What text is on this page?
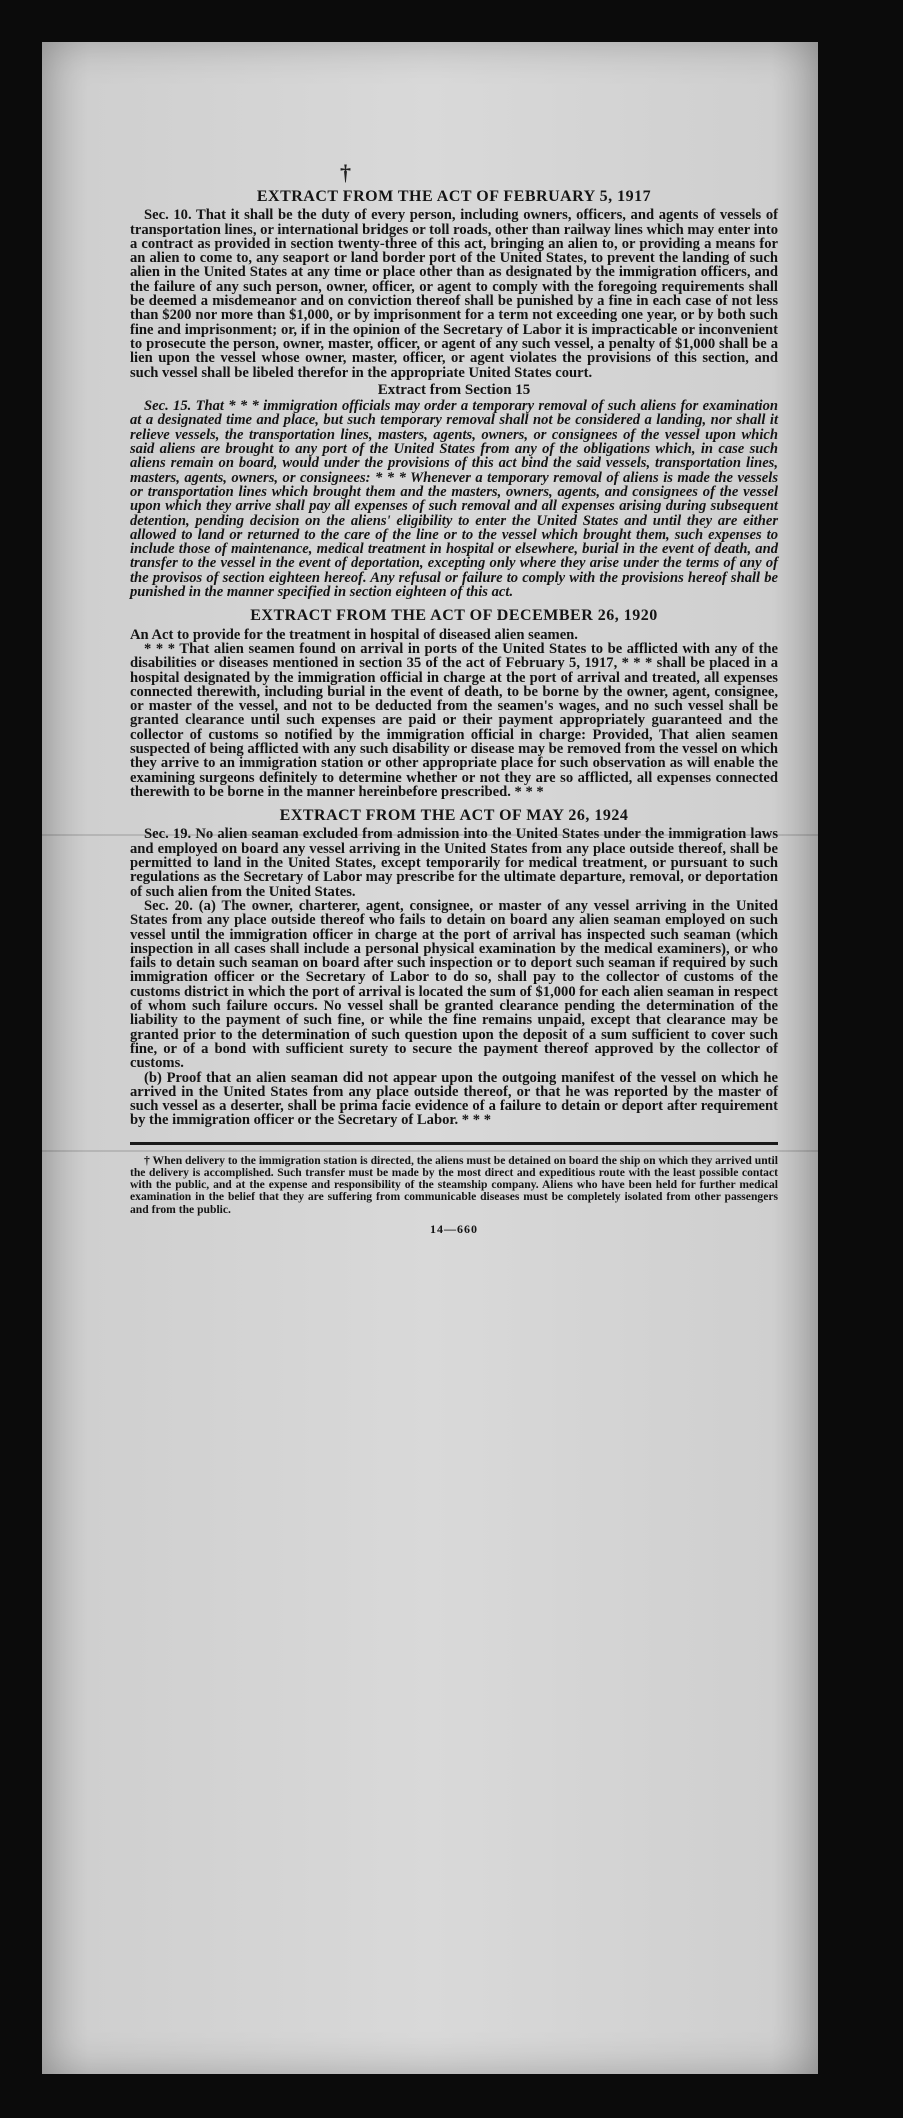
†
EXTRACT FROM THE ACT OF FEBRUARY 5, 1917

Sec. 10. That it shall be the duty of every person, including owners, officers, and agents of vessels of transportation lines, or international bridges or toll roads, other than railway lines which may enter into a contract as provided in section twenty-three of this act, bringing an alien to, or providing a means for an alien to come to, any seaport or land border port of the United States, to prevent the landing of such alien in the United States at any time or place other than as designated by the immigration officers, and the failure of any such person, owner, officer, or agent to comply with the foregoing requirements shall be deemed a misdemeanor and on conviction thereof shall be punished by a fine in each case of not less than $200 nor more than $1,000, or by imprisonment for a term not exceeding one year, or by both such fine and imprisonment; or, if in the opinion of the Secretary of Labor it is impracticable or inconvenient to prosecute the person, owner, master, officer, or agent of any such vessel, a penalty of $1,000 shall be a lien upon the vessel whose owner, master, officer, or agent violates the provisions of this section, and such vessel shall be libeled therefor in the appropriate United States court.

Extract from Section 15

Sec. 15. That * * * immigration officials may order a temporary removal of such aliens for examination at a designated time and place, but such temporary removal shall not be considered a landing, nor shall it relieve vessels, the transportation lines, masters, agents, owners, or consignees of the vessel upon which said aliens are brought to any port of the United States from any of the obligations which, in case such aliens remain on board, would under the provisions of this act bind the said vessels, transportation lines, masters, agents, owners, or consignees: * * * Whenever a temporary removal of aliens is made the vessels or transportation lines which brought them and the masters, owners, agents, and consignees of the vessel upon which they arrive shall pay all expenses of such removal and all expenses arising during subsequent detention, pending decision on the aliens' eligibility to enter the United States and until they are either allowed to land or returned to the care of the line or to the vessel which brought them, such expenses to include those of maintenance, medical treatment in hospital or elsewhere, burial in the event of death, and transfer to the vessel in the event of deportation, excepting only where they arise under the terms of any of the provisos of section eighteen hereof. Any refusal or failure to comply with the provisions hereof shall be punished in the manner specified in section eighteen of this act.

EXTRACT FROM THE ACT OF DECEMBER 26, 1920

An Act to provide for the treatment in hospital of diseased alien seamen.

* * * That alien seamen found on arrival in ports of the United States to be afflicted with any of the disabilities or diseases mentioned in section 35 of the act of February 5, 1917, * * * shall be placed in a hospital designated by the immigration official in charge at the port of arrival and treated, all expenses connected therewith, including burial in the event of death, to be borne by the owner, agent, consignee, or master of the vessel, and not to be deducted from the seamen's wages, and no such vessel shall be granted clearance until such expenses are paid or their payment appropriately guaranteed and the collector of customs so notified by the immigration official in charge: Provided, That alien seamen suspected of being afflicted with any such disability or disease may be removed from the vessel on which they arrive to an immigration station or other appropriate place for such observation as will enable the examining surgeons definitely to determine whether or not they are so afflicted, all expenses connected therewith to be borne in the manner hereinbefore prescribed. * * *

EXTRACT FROM THE ACT OF MAY 26, 1924

Sec. 19. No alien seaman excluded from admission into the United States under the immigration laws and employed on board any vessel arriving in the United States from any place outside thereof, shall be permitted to land in the United States, except temporarily for medical treatment, or pursuant to such regulations as the Secretary of Labor may prescribe for the ultimate departure, removal, or deportation of such alien from the United States.

Sec. 20. (a) The owner, charterer, agent, consignee, or master of any vessel arriving in the United States from any place outside thereof who fails to detain on board any alien seaman employed on such vessel until the immigration officer in charge at the port of arrival has inspected such seaman (which inspection in all cases shall include a personal physical examination by the medical examiners), or who fails to detain such seaman on board after such inspection or to deport such seaman if required by such immigration officer or the Secretary of Labor to do so, shall pay to the collector of customs of the customs district in which the port of arrival is located the sum of $1,000 for each alien seaman in respect of whom such failure occurs. No vessel shall be granted clearance pending the determination of the liability to the payment of such fine, or while the fine remains unpaid, except that clearance may be granted prior to the determination of such question upon the deposit of a sum sufficient to cover such fine, or of a bond with sufficient surety to secure the payment thereof approved by the collector of customs.

(b) Proof that an alien seaman did not appear upon the outgoing manifest of the vessel on which he arrived in the United States from any place outside thereof, or that he was reported by the master of such vessel as a deserter, shall be prima facie evidence of a failure to detain or deport after requirement by the immigration officer or the Secretary of Labor. * * *

† When delivery to the immigration station is directed, the aliens must be detained on board the ship on which they arrived until the delivery is accomplished. Such transfer must be made by the most direct and expeditious route with the least possible contact with the public, and at the expense and responsibility of the steamship company. Aliens who have been held for further medical examination in the belief that they are suffering from communicable diseases must be completely isolated from other passengers and from the public.

14—660
